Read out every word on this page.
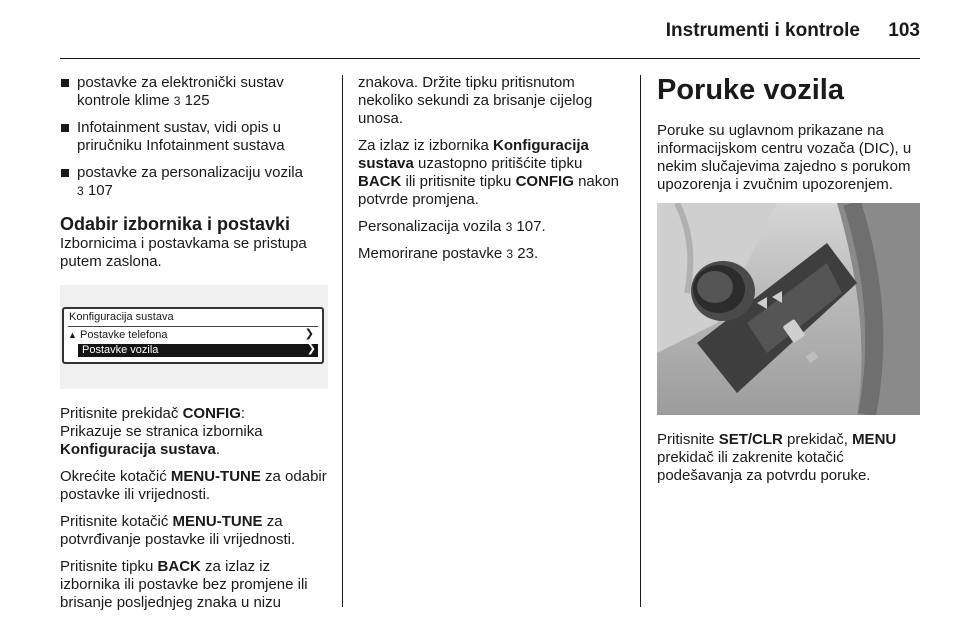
Instrumenti i kontrole	103
postavke za elektronički sustav kontrole klime 3 125
Infotainment sustav, vidi opis u priručniku Infotainment sustava
postavke za personalizaciju vozila
3 107
Odabir izbornika i postavki

Izbornicima i postavkama se pristupa putem zaslona.

Konfiguracija sustava
▲ Postavke telefona	❯
Postavke vozila	❯

Pritisnite prekidač CONFIG:
Prikazuje se stranica izbornika Konfiguracija sustava.

Okrećite kotačić MENU-TUNE za odabir postavke ili vrijednosti.

Pritisnite kotačić MENU-TUNE za potvrđivanje postavke ili vrijednosti.

Pritisnite tipku BACK za izlaz iz izbornika ili postavke bez promjene ili brisanje posljednjeg znaka u nizu

znakova. Držite tipku pritisnutom nekoliko sekundi za brisanje cijelog unosa.

Za izlaz iz izbornika Konfiguracija sustava uzastopno pritišćite tipku BACK ili pritisnite tipku CONFIG nakon potvrde promjena.

Personalizacija vozila 3 107.

Memorirane postavke 3 23.

Poruke vozila

Poruke su uglavnom prikazane na informacijskom centru vozača (DIC), u nekim slučajevima zajedno s porukom upozorenja i zvučnim upozorenjem.

Pritisnite SET/CLR prekidač, MENU prekidač ili zakrenite kotačić podešavanja za potvrdu poruke.
